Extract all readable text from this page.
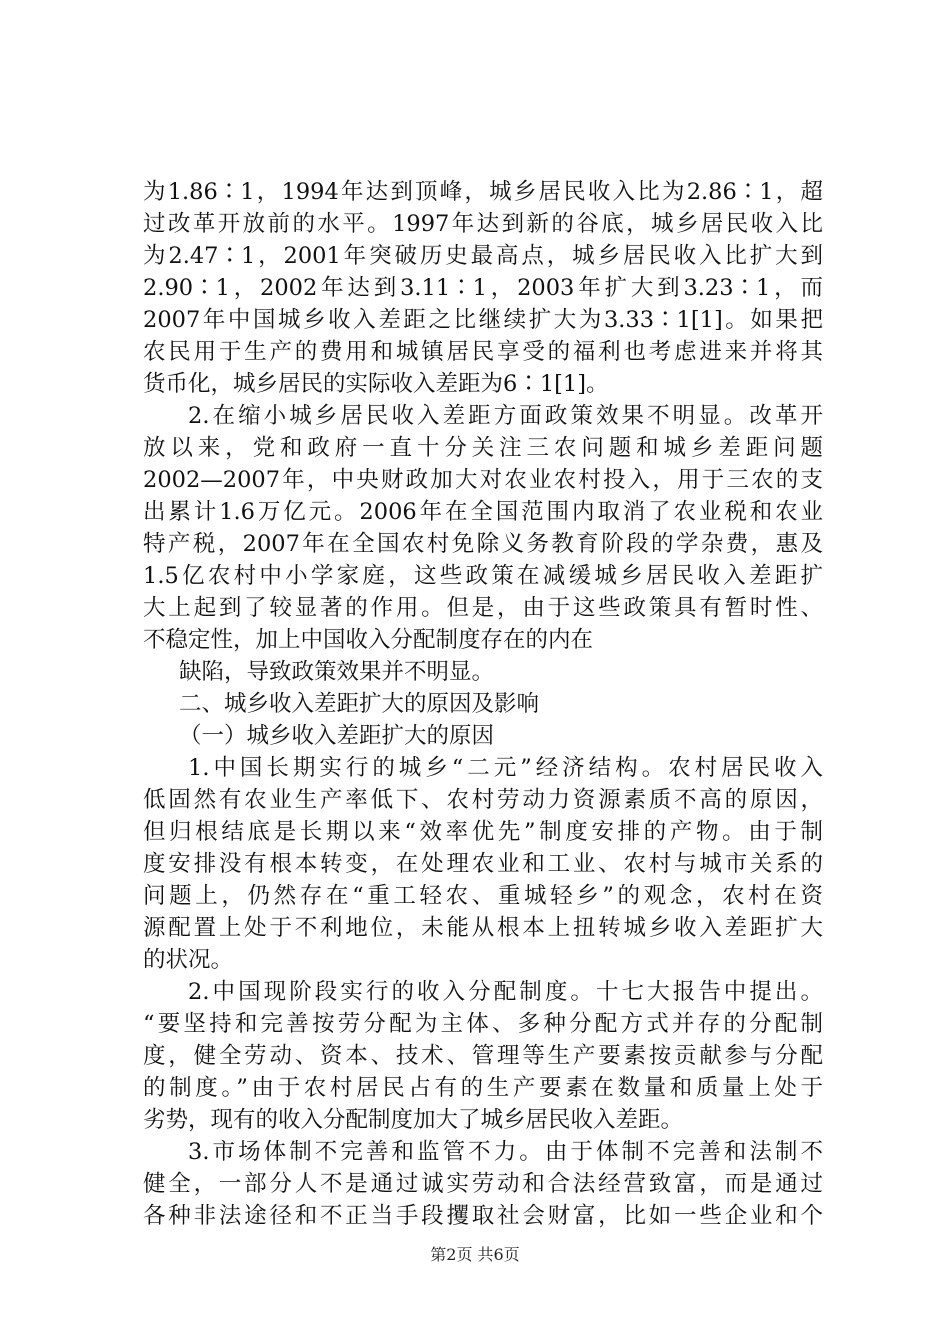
为1.86∶1，1994年达到顶峰，城乡居民收入比为2.86∶1，超
过改革开放前的水平。1997年达到新的谷底，城乡居民收入比
为2.47∶1，2001年突破历史最高点，城乡居民收入比扩大到
2.90∶1，2002年达到3.11∶1，2003年扩大到3.23∶1，而
2007年中国城乡收入差距之比继续扩大为3.33∶1[1]。如果把
农民用于生产的费用和城镇居民享受的福利也考虑进来并将其
货币化，城乡居民的实际收入差距为6∶1[1]。
2.在缩小城乡居民收入差距方面政策效果不明显。改革开
放以来，党和政府一直十分关注三农问题和城乡差距问题
2002—2007年，中央财政加大对农业农村投入，用于三农的支
出累计1.6万亿元。2006年在全国范围内取消了农业税和农业
特产税，2007年在全国农村免除义务教育阶段的学杂费，惠及
1.5亿农村中小学家庭，这些政策在减缓城乡居民收入差距扩
大上起到了较显著的作用。但是，由于这些政策具有暂时性、
不稳定性，加上中国收入分配制度存在的内在
缺陷，导致政策效果并不明显。
二、城乡收入差距扩大的原因及影响
（一）城乡收入差距扩大的原因
1.中国长期实行的城乡“二元”经济结构。农村居民收入
低固然有农业生产率低下、农村劳动力资源素质不高的原因，
但归根结底是长期以来“效率优先”制度安排的产物。由于制
度安排没有根本转变，在处理农业和工业、农村与城市关系的
问题上，仍然存在“重工轻农、重城轻乡”的观念，农村在资
源配置上处于不利地位，未能从根本上扭转城乡收入差距扩大
的状况。
2.中国现阶段实行的收入分配制度。十七大报告中提出。
“要坚持和完善按劳分配为主体、多种分配方式并存的分配制
度，健全劳动、资本、技术、管理等生产要素按贡献参与分配
的制度。”由于农村居民占有的生产要素在数量和质量上处于
劣势，现有的收入分配制度加大了城乡居民收入差距。
3.市场体制不完善和监管不力。由于体制不完善和法制不
健全，一部分人不是通过诚实劳动和合法经营致富，而是通过
各种非法途径和不正当手段攫取社会财富，比如一些企业和个
第2页 共6页
